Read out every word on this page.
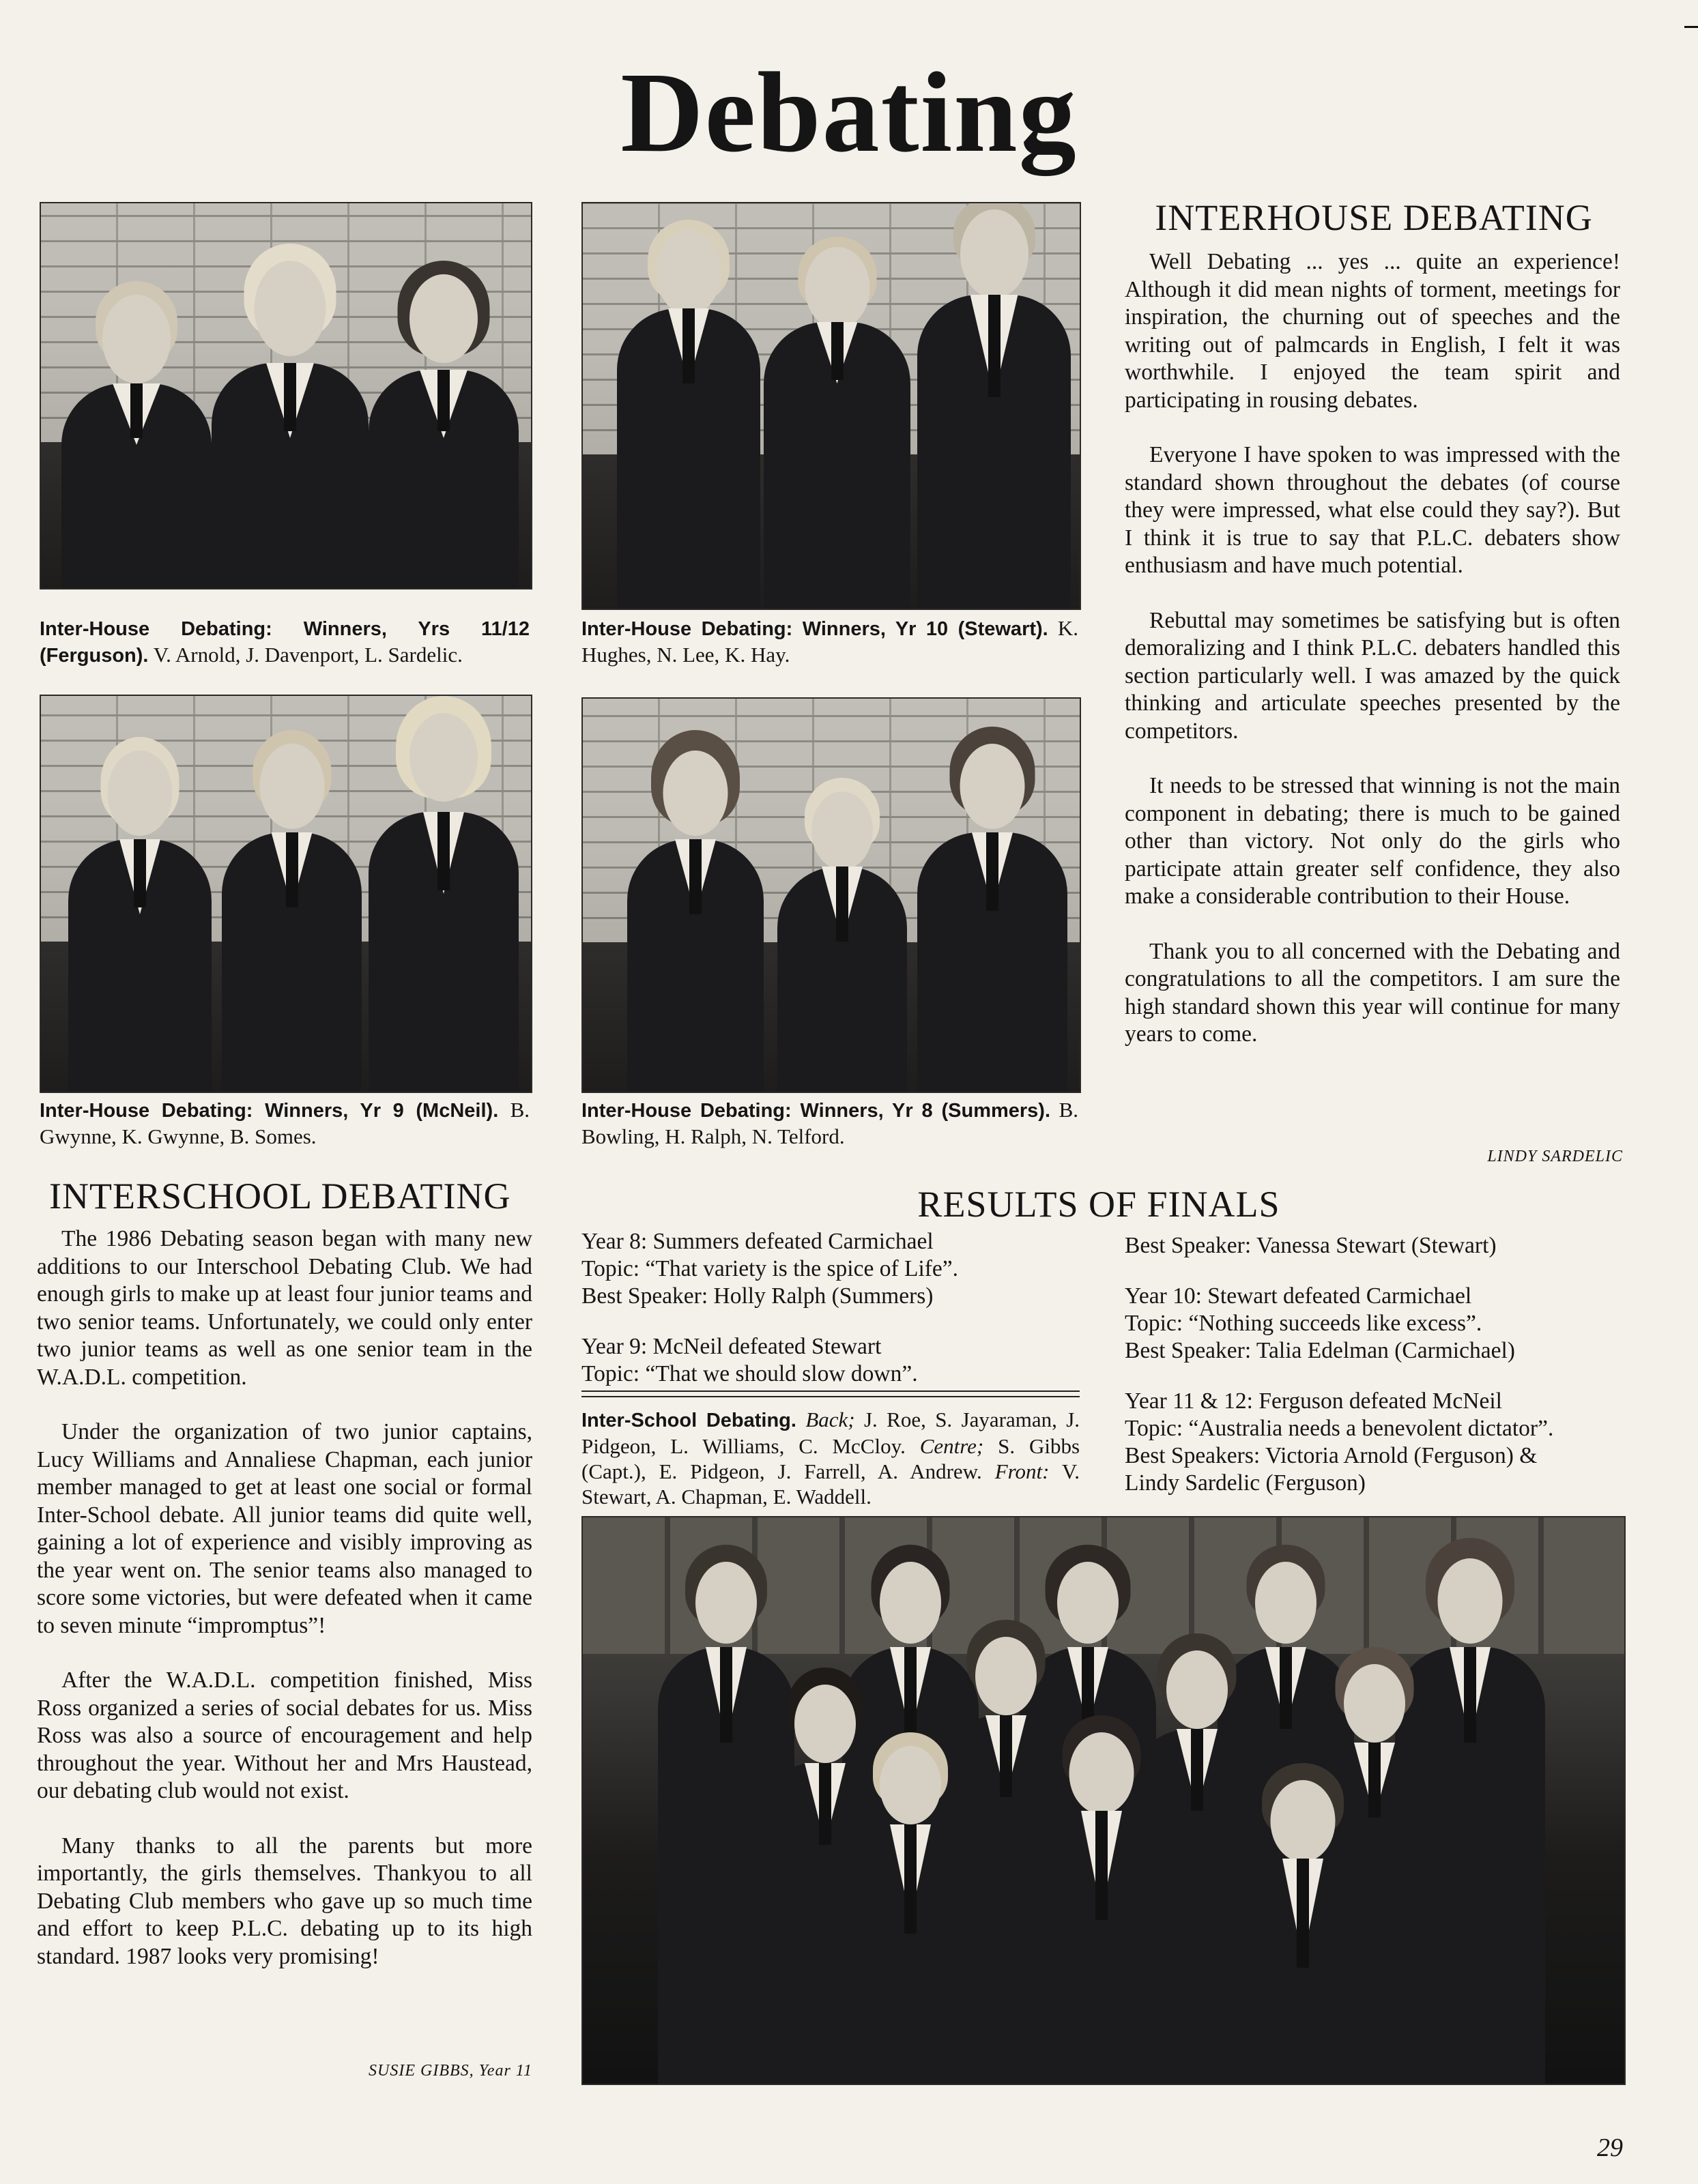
Debating
Inter-House Debating: Winners, Yrs 11/12 (Ferguson). V. Arnold, J. Davenport, L. Sardelic.
Inter-House Debating: Winners, Yr 10 (Stewart). K. Hughes, N. Lee, K. Hay.
Inter-House Debating: Winners, Yr 9 (McNeil). B. Gwynne, K. Gwynne, B. Somes.
Inter-House Debating: Winners, Yr 8 (Summers). B. Bowling, H. Ralph, N. Telford.
INTERHOUSE DEBATING

Well Debating ... yes ... quite an experience! Although it did mean nights of torment, meetings for inspiration, the churning out of speeches and the writing out of palmcards in English, I felt it was worthwhile. I enjoyed the team spirit and participating in rousing debates.

Everyone I have spoken to was impressed with the standard shown throughout the debates (of course they were impressed, what else could they say?). But I think it is true to say that P.L.C. debaters show enthusiasm and have much potential.

Rebuttal may sometimes be satisfying but is often demoralizing and I think P.L.C. debaters handled this section particularly well. I was amazed by the quick thinking and articulate speeches presented by the competitors.

It needs to be stressed that winning is not the main component in debating; there is much to be gained other than victory. Not only do the girls who participate attain greater self confidence, they also make a considerable contribution to their House.

Thank you to all concerned with the Debating and congratulations to all the competitors. I am sure the high standard shown this year will continue for many years to come.

LINDY SARDELIC
INTERSCHOOL DEBATING

The 1986 Debating season began with many new additions to our Interschool Debating Club. We had enough girls to make up at least four junior teams and two senior teams. Unfortunately, we could only enter two junior teams as well as one senior team in the W.A.D.L. competition.

Under the organization of two junior captains, Lucy Williams and Annaliese Chapman, each junior member managed to get at least one social or formal Inter-School debate. All junior teams did quite well, gaining a lot of experience and visibly improving as the year went on. The senior teams also managed to score some victories, but were defeated when it came to seven minute “impromptus”!

After the W.A.D.L. competition finished, Miss Ross organized a series of social debates for us. Miss Ross was also a source of encouragement and help throughout the year. Without her and Mrs Haustead, our debating club would not exist.

Many thanks to all the parents but more importantly, the girls themselves. Thankyou to all Debating Club members who gave up so much time and effort to keep P.L.C. debating up to its high standard. 1987 looks very promising!

SUSIE GIBBS, Year 11
RESULTS OF FINALS
Year 8: Summers defeated Carmichael
Topic: “That variety is the spice of Life”.
Best Speaker: Holly Ralph (Summers)
Year 9: McNeil defeated Stewart
Topic: “That we should slow down”.
Best Speaker: Vanessa Stewart (Stewart)
Year 10: Stewart defeated Carmichael
Topic: “Nothing succeeds like excess”.
Best Speaker: Talia Edelman (Carmichael)
Year 11 & 12: Ferguson defeated McNeil
Topic: “Australia needs a benevolent dictator”.
Best Speakers: Victoria Arnold (Ferguson) &
Lindy Sardelic (Ferguson)
Inter-School Debating. Back; J. Roe, S. Jayaraman, J. Pidgeon, L. Williams, C. McCloy. Centre; S. Gibbs (Capt.), E. Pidgeon, J. Farrell, A. Andrew. Front: V. Stewart, A. Chapman, E. Waddell.
29
